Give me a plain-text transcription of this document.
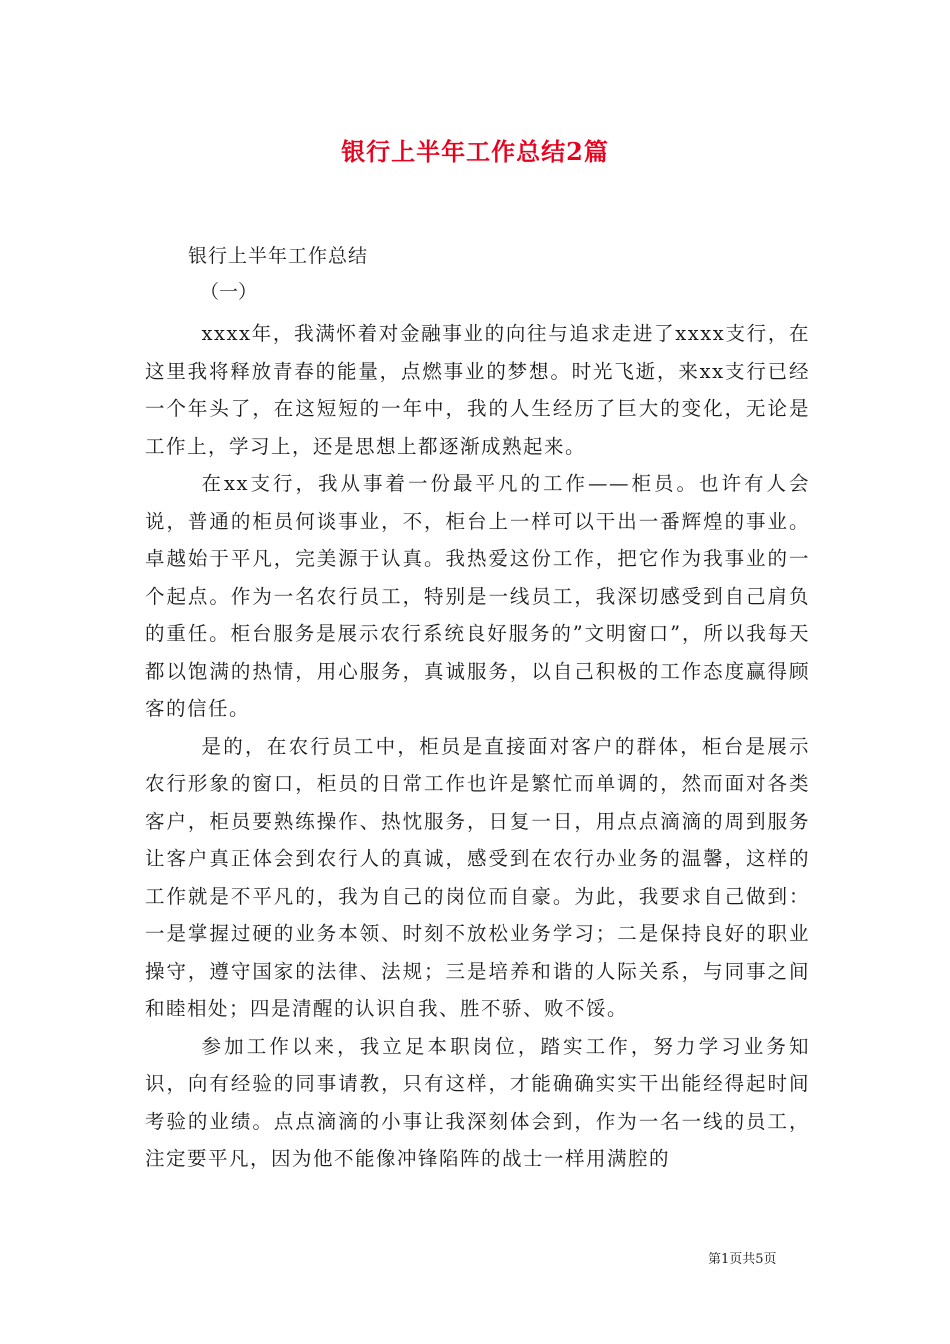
银行上半年工作总结2篇
银行上半年工作总结
（一）

xxxx年，我满怀着对金融事业的向往与追求走进了xxxx支行，在这里我将释放青春的能量，点燃事业的梦想。时光飞逝，来xx支行已经一个年头了，在这短短的一年中，我的人生经历了巨大的变化，无论是工作上，学习上，还是思想上都逐渐成熟起来。

在xx支行，我从事着一份最平凡的工作——柜员。也许有人会说，普通的柜员何谈事业，不，柜台上一样可以干出一番辉煌的事业。卓越始于平凡，完美源于认真。我热爱这份工作，把它作为我事业的一个起点。作为一名农行员工，特别是一线员工，我深切感受到自己肩负的重任。柜台服务是展示农行系统良好服务的”文明窗口”，所以我每天都以饱满的热情，用心服务，真诚服务，以自己积极的工作态度赢得顾客的信任。

是的，在农行员工中，柜员是直接面对客户的群体，柜台是展示农行形象的窗口，柜员的日常工作也许是繁忙而单调的，然而面对各类客户，柜员要熟练操作、热忱服务，日复一日，用点点滴滴的周到服务让客户真正体会到农行人的真诚，感受到在农行办业务的温馨，这样的工作就是不平凡的，我为自己的岗位而自豪。为此，我要求自己做到：一是掌握过硬的业务本领、时刻不放松业务学习；二是保持良好的职业操守，遵守国家的法律、法规；三是培养和谐的人际关系，与同事之间和睦相处；四是清醒的认识自我、胜不骄、败不馁。

参加工作以来，我立足本职岗位，踏实工作，努力学习业务知识，向有经验的同事请教，只有这样，才能确确实实干出能经得起时间考验的业绩。点点滴滴的小事让我深刻体会到，作为一名一线的员工，注定要平凡，因为他不能像冲锋陷阵的战士一样用满腔的

第1页共5页
